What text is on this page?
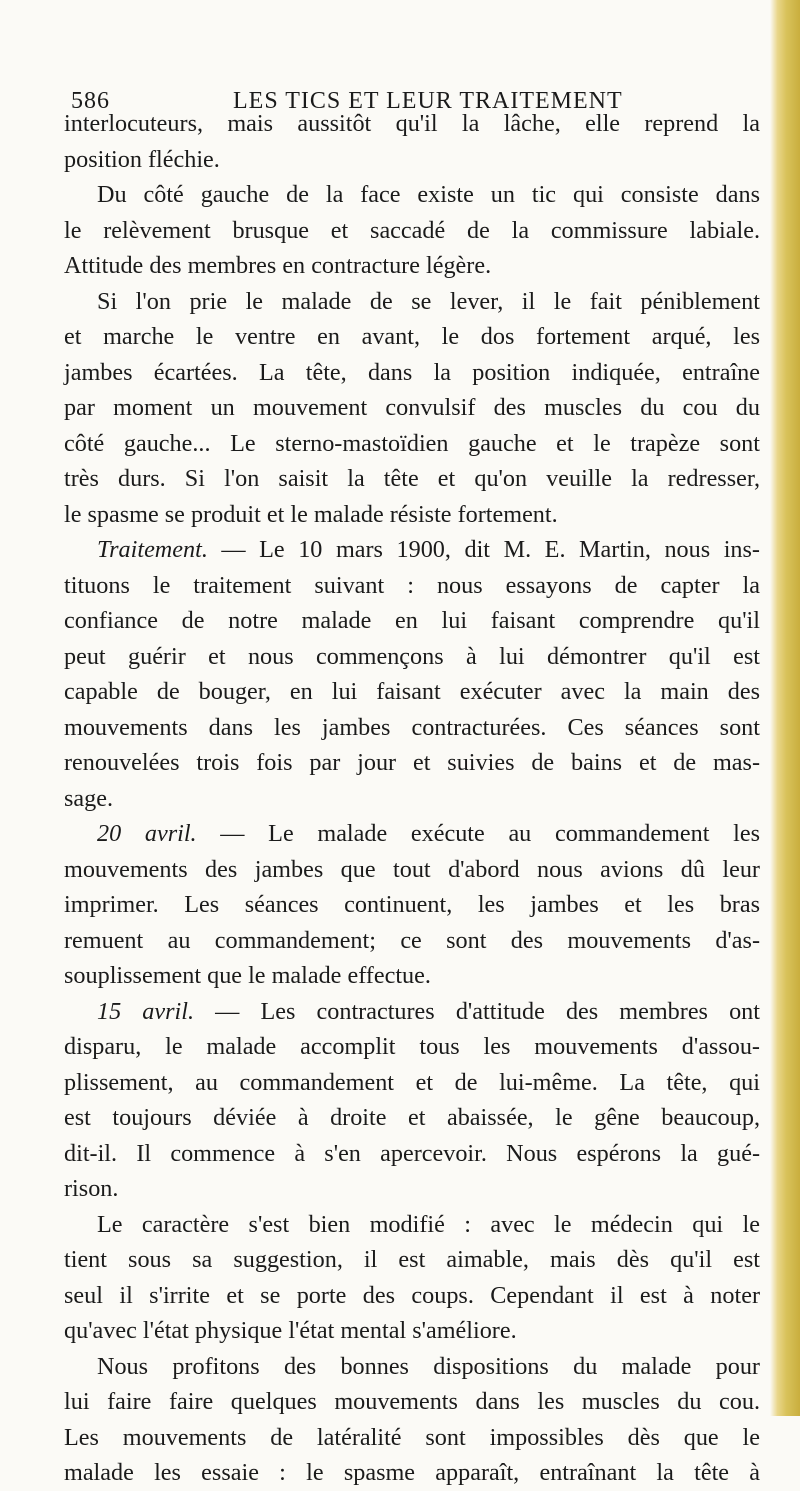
586	LES TICS ET LEUR TRAITEMENT
interlocuteurs, mais aussitôt qu'il la lâche, elle reprend la
position fléchie.
Du côté gauche de la face existe un tic qui consiste dans
le relèvement brusque et saccadé de la commissure labiale.
Attitude des membres en contracture légère.
Si l'on prie le malade de se lever, il le fait péniblement
et marche le ventre en avant, le dos fortement arqué, les
jambes écartées. La tête, dans la position indiquée, entraîne
par moment un mouvement convulsif des muscles du cou du
côté gauche... Le sterno-mastoïdien gauche et le trapèze sont
très durs. Si l'on saisit la tête et qu'on veuille la redresser,
le spasme se produit et le malade résiste fortement.
Traitement. — Le 10 mars 1900, dit M. E. Martin, nous ins-
tituons le traitement suivant : nous essayons de capter la
confiance de notre malade en lui faisant comprendre qu'il
peut guérir et nous commençons à lui démontrer qu'il est
capable de bouger, en lui faisant exécuter avec la main des
mouvements dans les jambes contracturées. Ces séances sont
renouvelées trois fois par jour et suivies de bains et de mas-
sage.
20 avril. — Le malade exécute au commandement les
mouvements des jambes que tout d'abord nous avions dû leur
imprimer. Les séances continuent, les jambes et les bras
remuent au commandement; ce sont des mouvements d'as-
souplissement que le malade effectue.
15 avril. — Les contractures d'attitude des membres ont
disparu, le malade accomplit tous les mouvements d'assou-
plissement, au commandement et de lui-même. La tête, qui
est toujours déviée à droite et abaissée, le gêne beaucoup,
dit-il. Il commence à s'en apercevoir. Nous espérons la gué-
rison.
Le caractère s'est bien modifié : avec le médecin qui le
tient sous sa suggestion, il est aimable, mais dès qu'il est
seul il s'irrite et se porte des coups. Cependant il est à noter
qu'avec l'état physique l'état mental s'améliore.
Nous profitons des bonnes dispositions du malade pour
lui faire faire quelques mouvements dans les muscles du cou.
Les mouvements de latéralité sont impossibles dès que le
malade les essaie : le spasme apparaît, entraînant la tête à
